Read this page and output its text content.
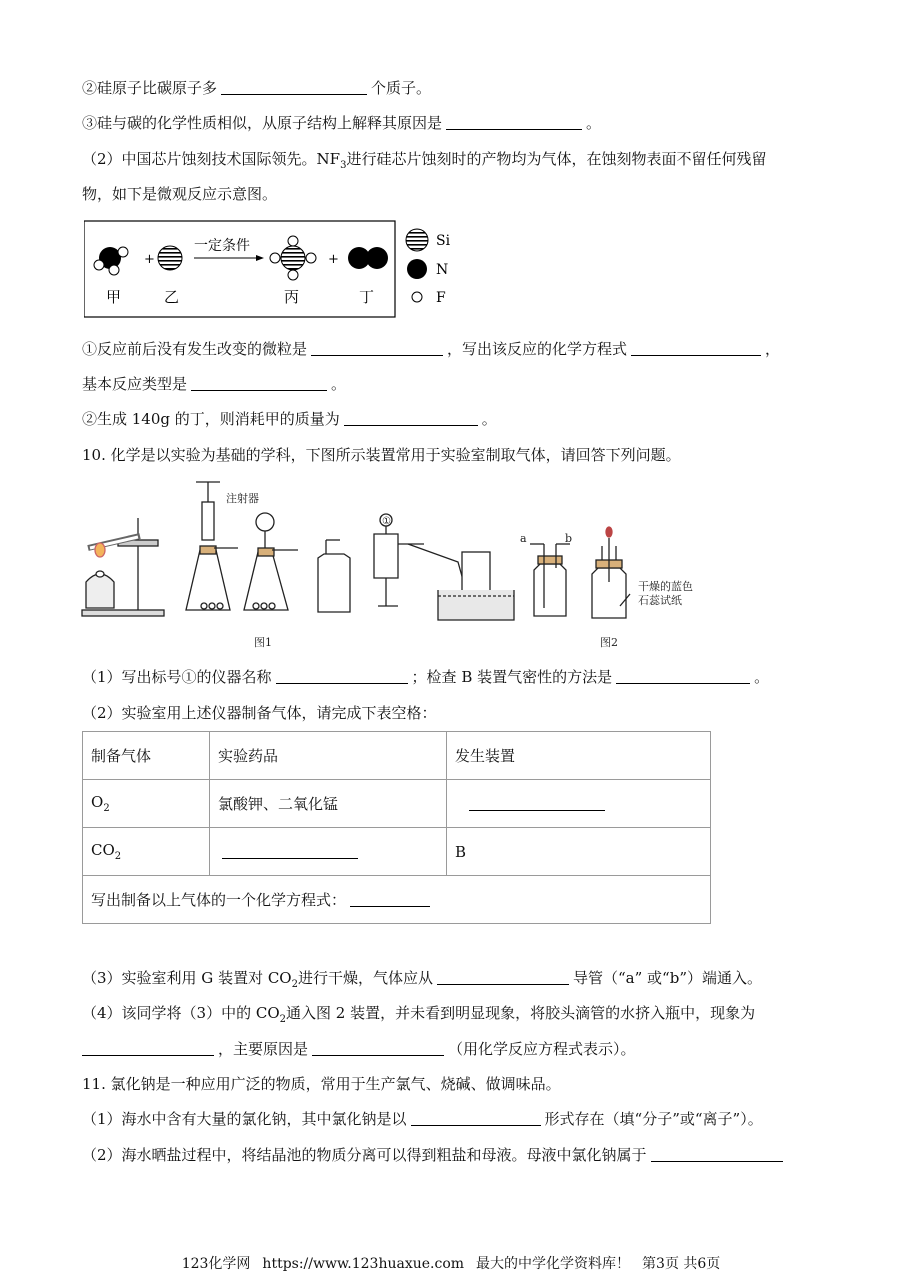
②硅原子比碳原子多	个质子。
③硅与碳的化学性质相似，从原子结构上解释其原因是	。
（2）中国芯片蚀刻技术国际领先。$NF_3$进行硅芯片蚀刻时的产物均为气体，在蚀刻物表面不留任何残留
物，如下是微观反应示意图。
+
一定条件
+
甲	乙	丙	丁
Si
N
F
①反应前后没有发生改变的微粒是	，写出该反应的化学方程式	，
基本反应类型是	。
②生成 140g 的丁，则消耗甲的质量为	。
10. 化学是以实验为基础的学科，下图所示装置常用于实验室制取气体，请回答下列问题。
注射器
①
a	b
干燥的蓝色
石蕊试纸
图1	图2
（1）写出标号①的仪器名称	；检查 B 装置气密性的方法是	。
（2）实验室用上述仪器制备气体，请完成下表空格：
制备气体	实验药品	发生装置
$O_2$	氯酸钾、二氧化锰	
$CO_2$		B
写出制备以上气体的一个化学方程式：		
（3）实验室利用 G 装置对 $CO_2$进行干燥，气体应从	导管（“a” 或“b”）端通入。
（4）该同学将（3）中的 $CO_2$通入图 2 装置，并未看到明显现象，将胶头滴管的水挤入瓶中，现象为
，主要原因是	（用化学反应方程式表示）。
11. 氯化钠是一种应用广泛的物质，常用于生产氯气、烧碱、做调味品。
（1）海水中含有大量的氯化钠，其中氯化钠是以	形式存在（填“分子”或“离子”）。
（2）海水晒盐过程中，将结晶池的物质分离可以得到粗盐和母液。母液中氯化钠属于
123化学网 https://www.123huaxue.com 最大的中学化学资料库！ 第3页 共6页
